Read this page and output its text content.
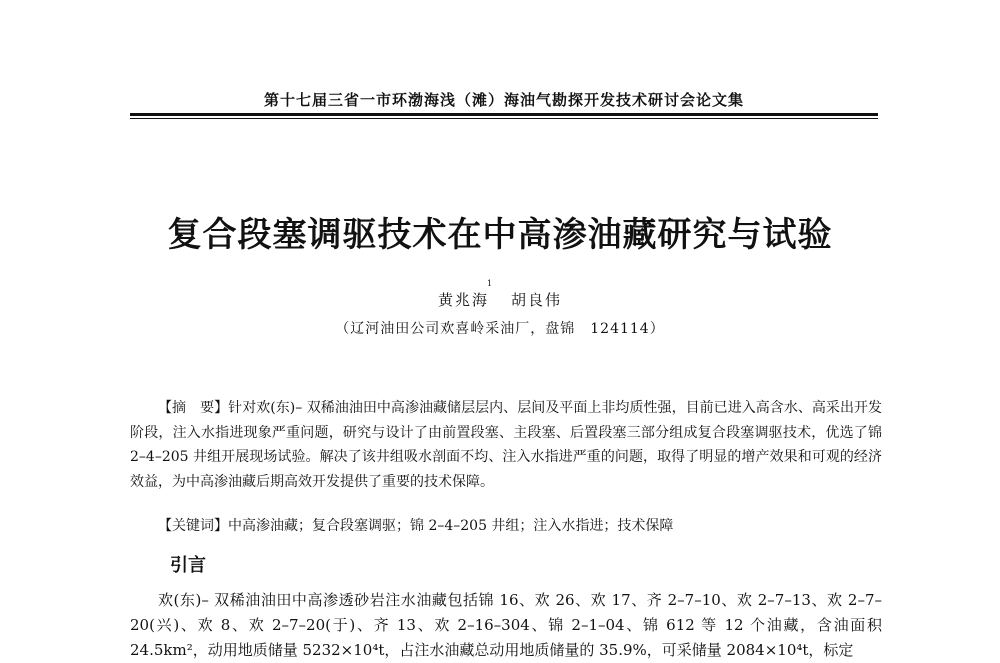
第十七届三省一市环渤海浅（滩）海油气勘探开发技术研讨会论文集
复合段塞调驱技术在中高渗油藏研究与试验
1
黄兆海 胡良伟
（辽河油田公司欢喜岭采油厂，盘锦　124114）
【摘　要】针对欢(东)– 双稀油油田中高渗油藏储层层内、层间及平面上非均质性强，目前已进入高含水、高采出开发阶段，注入水指进现象严重问题，研究与设计了由前置段塞、主段塞、后置段塞三部分组成复合段塞调驱技术，优选了锦 2–4–205 井组开展现场试验。解决了该井组吸水剖面不均、注入水指进严重的问题，取得了明显的增产效果和可观的经济效益，为中高渗油藏后期高效开发提供了重要的技术保障。
【关键词】中高渗油藏；复合段塞调驱；锦 2–4–205 井组；注入水指进；技术保障
引言
欢(东)– 双稀油油田中高渗透砂岩注水油藏包括锦 16、欢 26、欢 17、齐 2–7–10、欢 2–7–13、欢 2–7–20(兴)、欢 8、欢 2–7–20(于)、齐 13、欢 2–16–304、锦 2–1–04、锦 612 等 12 个油藏，含油面积 24.5km²，动用地质储量 5232×10⁴t，占注水油藏总动用地质储量的 35.9%，可采储量 2084×10⁴t，标定
